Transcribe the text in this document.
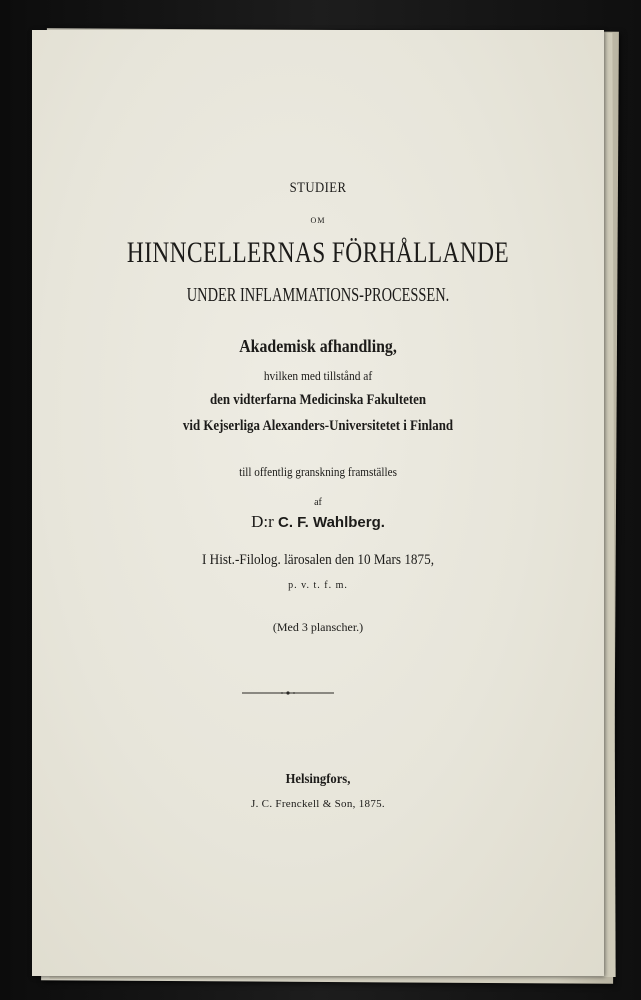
STUDIER
OM
HINNCELLERNAS FÖRHÅLLANDE
UNDER INFLAMMATIONS-PROCESSEN.
Akademisk afhandling,
hvilken med tillstånd af
den vidterfarna Medicinska Fakulteten
vid Kejserliga Alexanders-Universitetet i Finland
till offentlig granskning framställes
af
D:r C. F. Wahlberg.
I Hist.-Filolog. lärosalen den 10 Mars 1875,
p. v. t. f. m.
(Med 3 planscher.)
Helsingfors,
J. C. Frenckell & Son, 1875.
